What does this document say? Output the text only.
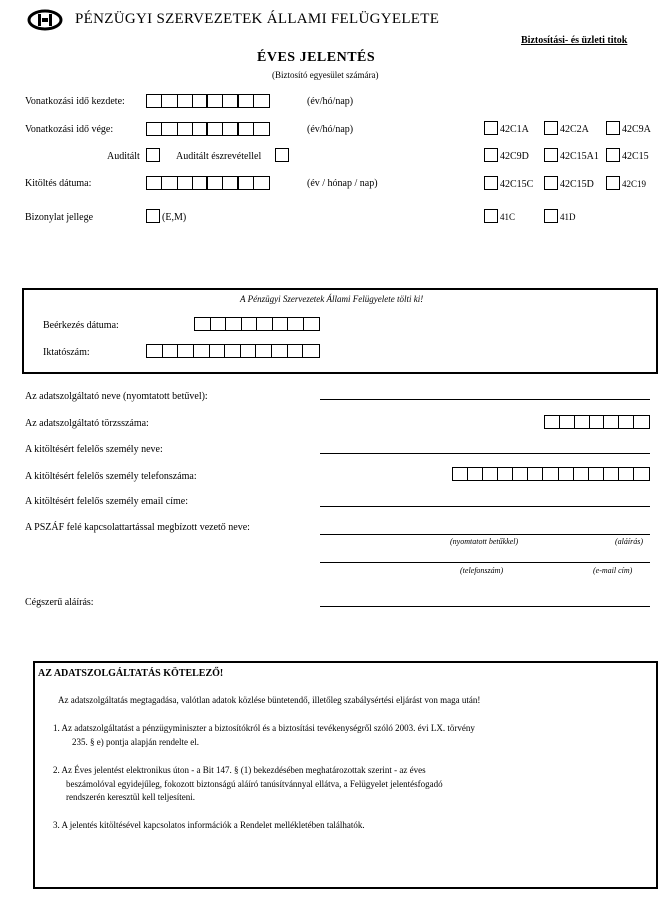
PÉNZÜGYI SZERVEZETEK ÁLLAMI FELÜGYELETE
Biztosítási- és üzleti titok
ÉVES JELENTÉS
(Biztosító egyesület számára)
Vonatkozási idő kezdete:	(év/hó/nap)
Vonatkozási idő vége:	(év/hó/nap)
Auditált	Auditált észrevétellel
Kitöltés dátuma:	(év / hónap / nap)
Bizonylat jellege	(E,M)
42C1A	42C2A	42C9A
42C9D	42C15A1 42C15
42C15C	42C15D	42C19
41C	41D
A Pénzügyi Szervezetek Állami Felügyelete tölti ki!
Beérkezés dátuma:
Iktatószám:
Az adatszolgáltató neve (nyomtatott betűvel):
Az adatszolgáltató törzsszáma:
A kitöltésért felelős személy neve:
A kitöltésért felelős személy telefonszáma:
A kitöltésért felelős személy email címe:
A PSZÁF felé kapcsolattartással megbízott vezető neve:
(nyomtatott betűkkel)	(aláírás)
(telefonszám)	(e-mail cím)
Cégszerű aláírás:
AZ ADATSZOLGÁLTATÁS KÖTELEZŐ!
Az adatszolgáltatás megtagadása, valótlan adatok közlése büntetendő, illetőleg szabálysértési eljárást von maga után!
1. Az adatszolgáltatást a pénzügyminiszter a biztosítókról és a biztosítási tevékenységről szóló 2003. évi LX. törvény
235. § e) pontja alapján rendelte el.
2. Az Éves jelentést elektronikus úton - a Bit 147. § (1) bekezdésében meghatározottak szerint - az éves
beszámolóval egyidejűleg, fokozott biztonságú aláíró tanúsítvánnyal ellátva, a Felügyelet jelentésfogadó
rendszerén keresztül kell teljesíteni.
3. A jelentés kitöltésével kapcsolatos információk a Rendelet mellékletében találhatók.
